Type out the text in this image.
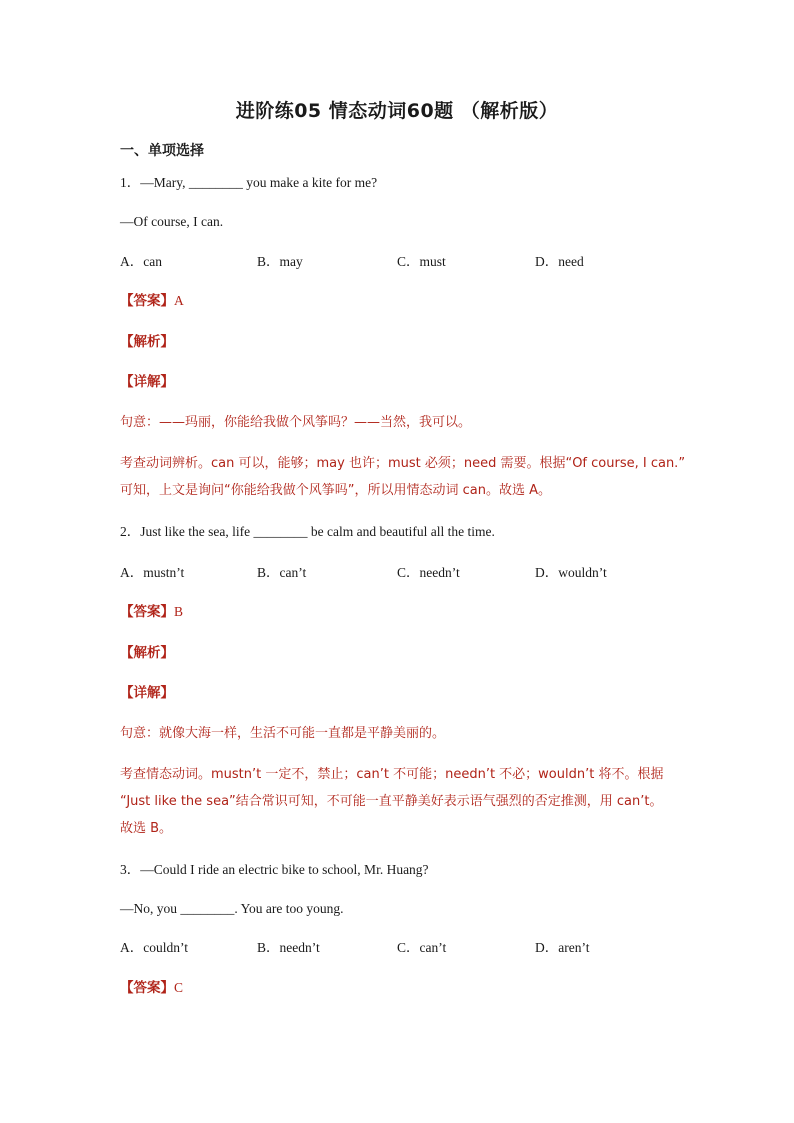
进阶练05 情态动词60题 （解析版）
一、单项选择
1．—Mary, ________ you make a kite for me?
—Of course, I can.
A．can	B．may	C．must	D．need
【答案】A
【解析】
【详解】
句意：——玛丽，你能给我做个风筝吗？——当然，我可以。
考查动词辨析。can 可以，能够；may 也许；must 必须；need 需要。根据“Of course, I can.”
可知，上文是询问“你能给我做个风筝吗”，所以用情态动词 can。故选 A。
2．Just like the sea, life ________ be calm and beautiful all the time.
A．mustn’t	B．can’t	C．needn’t	D．wouldn’t
【答案】B
【解析】
【详解】
句意：就像大海一样，生活不可能一直都是平静美丽的。
考查情态动词。mustn’t 一定不，禁止；can’t 不可能；needn’t 不必；wouldn’t 将不。根据
“Just like the sea”结合常识可知，不可能一直平静美好表示语气强烈的否定推测，用 can’t。
故选 B。
3．—Could I ride an electric bike to school, Mr. Huang?
—No, you ________. You are too young.
A．couldn’t	B．needn’t	C．can’t	D．aren’t
【答案】C
